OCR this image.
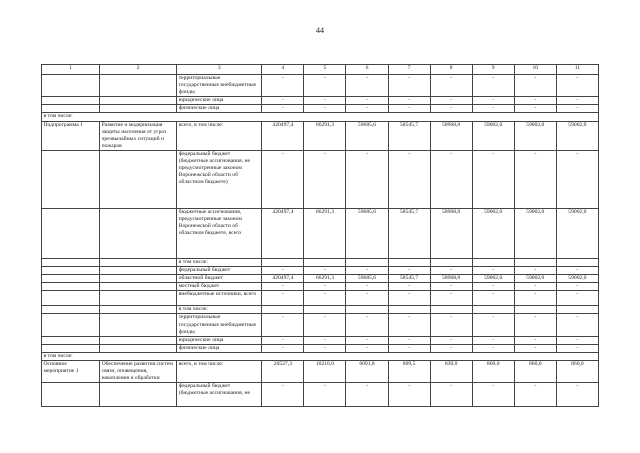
44
1	2	3	4	5	6	7	8	9	10	11
		территориальные государственные внебюджетные фонды	-	-	-	-	-	-	-	-
		юридические лица	-	-	-	-	-	-	-	-
		физические лица	-	-	-	-	-	-	-	-
в том числе:										
Подпрограмма 1	Развитие и модернизация защиты населения от угроз чрезвычайных ситуаций и пожаров	всего, в том числе:	420497,4	66291,3	59685,6	58545,7	58968,8	59002,0	59002,0	59002,0
		федеральный бюджет (бюджетные ассигнования, не предусмотренные законом Воронежской области об областном бюджете)	-	-	-	-	-	-	-	-
		бюджетные ассигнования, предусмотренные законом Воронежской области об областном бюджете, всего	420497,4	66291,3	59685,6	58545,7	58968,8	59002,0	59002,0	59002,0
		в том числе:								
		федеральный бюджет	-	-	-	-	-	-	-	-
		областной бюджет	420497,4	66291,3	59685,6	58545,7	58968,8	59002,0	59002,0	59002,0
		местный бюджет	-	-	-	-	-	-	-	-
		внебюджетные источники, всего	-	-	-	-	-	-	-	-
		в том числе:								
		территориальные государственные внебюджетные фонды	-	-	-	-	-	-	-	-
		юридические лица	-	-	-	-	-	-	-	-
		физические лица	-	-	-	-	-	-	-	-
в том числе:										
Основное мероприятие 1	Обеспечение развития систем связи, оповещения, накопления и обработки	всего, в том числе:	20527,3	10216,0	6091,8	809,5	830,0	860,0	860,0	860,0
		федеральный бюджет (бюджетные ассигнования, не	-	-	-	-	-	-	-	-
